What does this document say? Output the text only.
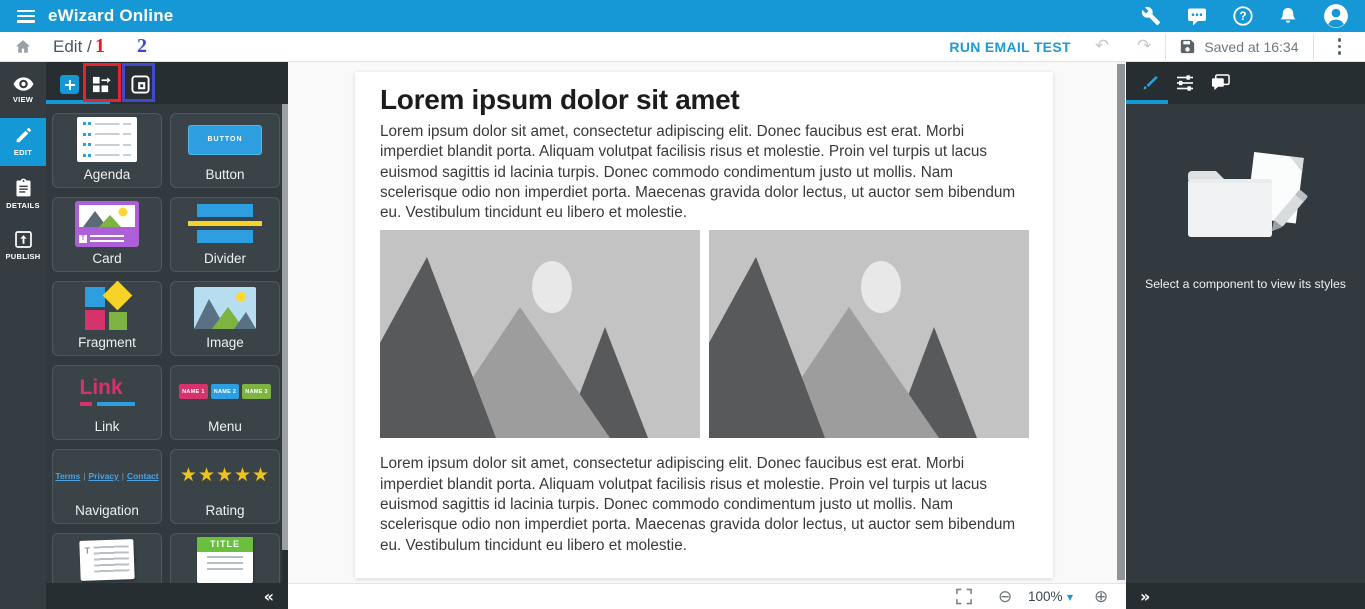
eWizard Online	?
Edit /	RUN EMAIL TEST ↶ ↷	Saved at 16:34
1 2
VIEW
EDIT
DETAILS
PUBLISH
Agenda
BUTTON
Button
T
Card	Divider
Fragment	Image
Link
Link
NAME 1	NAME 2	NAME 3
Menu
Terms | Privacy | Contact
Navigation
★★★★★
Rating
T
TITLE
«
Lorem ipsum dolor sit amet

Lorem ipsum dolor sit amet, consectetur adipiscing elit. Donec faucibus est erat. Morbi imperdiet blandit porta. Aliquam volutpat facilisis risus et molestie. Proin vel turpis ut lacus euismod sagittis id lacinia turpis. Donec commodo condimentum justo ut mollis. Nam scelerisque odio non imperdiet porta. Maecenas gravida dolor lectus, ut auctor sem bibendum eu. Vestibulum tincidunt eu libero et molestie.

Lorem ipsum dolor sit amet, consectetur adipiscing elit. Donec faucibus est erat. Morbi imperdiet blandit porta. Aliquam volutpat facilisis risus et molestie. Proin vel turpis ut lacus euismod sagittis id lacinia turpis. Donec commodo condimentum justo ut mollis. Nam scelerisque odio non imperdiet porta. Maecenas gravida dolor lectus, ut auctor sem bibendum eu. Vestibulum tincidunt eu libero et molestie.

⊖ 100% ▾ ⊕
Select a component to view its styles
»
